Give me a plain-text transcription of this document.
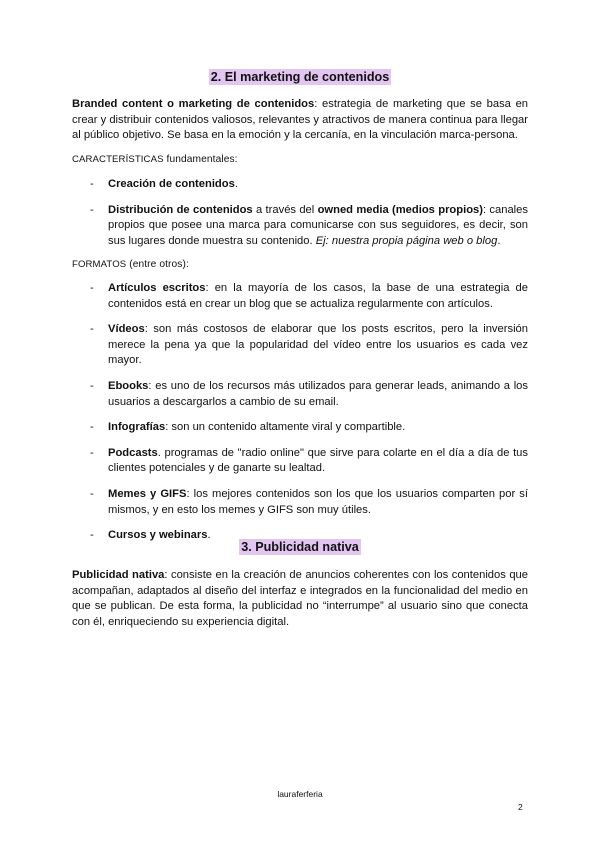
2. El marketing de contenidos

Branded content o marketing de contenidos: estrategia de marketing que se basa en crear y distribuir contenidos valiosos, relevantes y atractivos de manera continua para llegar al público objetivo. Se basa en la emoción y la cercanía, en la vinculación marca-persona.

CARACTERÍSTICAS fundamentales:
- Creación de contenidos.
- Distribución de contenidos a través del owned media (medios propios): canales propios que posee una marca para comunicarse con sus seguidores, es decir, son sus lugares donde muestra su contenido. Ej: nuestra propia página web o blog.
FORMATOS (entre otros):
- Artículos escritos: en la mayoría de los casos, la base de una estrategia de contenidos está en crear un blog que se actualiza regularmente con artículos.
- Vídeos: son más costosos de elaborar que los posts escritos, pero la inversión merece la pena ya que la popularidad del vídeo entre los usuarios es cada vez mayor.
- Ebooks: es uno de los recursos más utilizados para generar leads, animando a los usuarios a descargarlos a cambio de su email.
- Infografías: son un contenido altamente viral y compartible.
- Podcasts. programas de "radio online" que sirve para colarte en el día a día de tus clientes potenciales y de ganarte su lealtad.
- Memes y GIFS: los mejores contenidos son los que los usuarios comparten por sí mismos, y en esto los memes y GIFS son muy útiles.
- Cursos y webinars.
3. Publicidad nativa

Publicidad nativa: consiste en la creación de anuncios coherentes con los contenidos que acompañan, adaptados al diseño del interfaz e integrados en la funcionalidad del medio en que se publican. De esta forma, la publicidad no “interrumpe” al usuario sino que conecta con él, enriqueciendo su experiencia digital.

lauraferferia
2
